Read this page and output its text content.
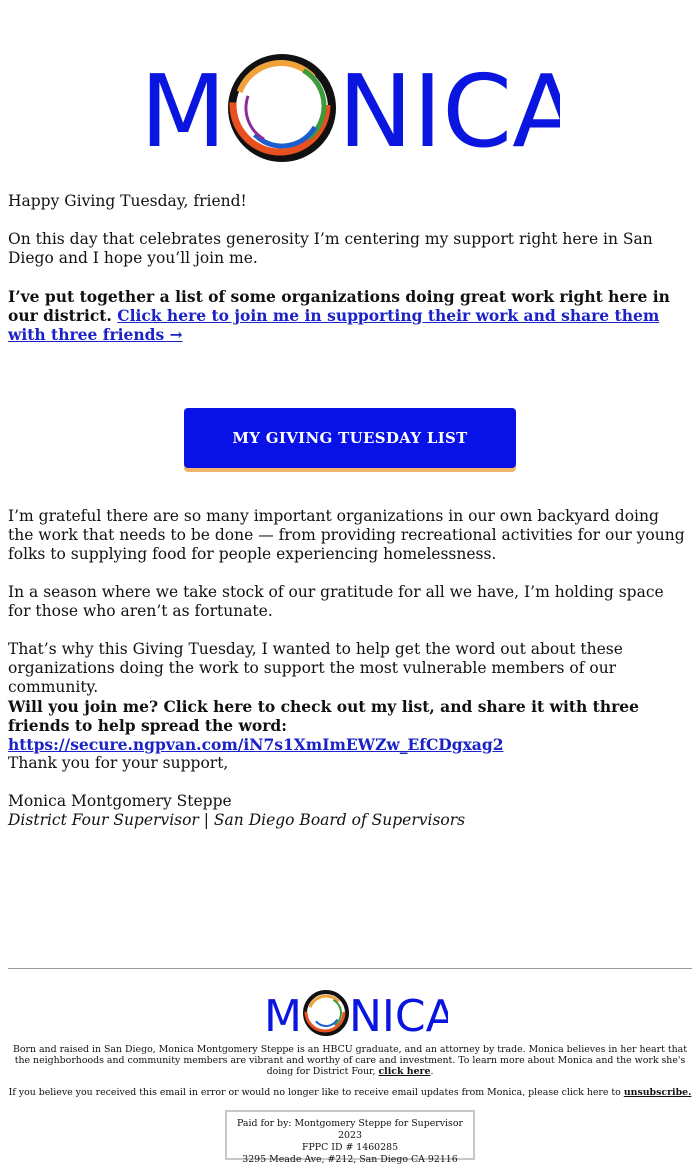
M NICA
Happy Giving Tuesday, friend!
On this day that celebrates generosity I’m centering my support right here in San Diego and I hope you’ll join me.
I’ve put together a list of some organizations doing great work right here in our district. Click here to join me in supporting their work and share them with three friends →
MY GIVING TUESDAY LIST
I’m grateful there are so many important organizations in our own backyard doing the work that needs to be done — from providing recreational activities for our young folks to supplying food for people experiencing homelessness.
In a season where we take stock of our gratitude for all we have, I’m holding space for those who aren’t as fortunate.
That’s why this Giving Tuesday, I wanted to help get the word out about these organizations doing the work to support the most vulnerable members of our community.
Will you join me? Click here to check out my list, and share it with three friends to help spread the word: https://secure.ngpvan.com/iN7s1XmImEWZw_EfCDgxag2
Thank you for your support,
Monica Montgomery Steppe
District Four Supervisor | San Diego Board of Supervisors
M NICA
Born and raised in San Diego, Monica Montgomery Steppe is an HBCU graduate, and an attorney by trade. Monica believes in her heart that the neighborhoods and community members are vibrant and worthy of care and investment. To learn more about Monica and the work she's doing for District Four, click here.
If you believe you received this email in error or would no longer like to receive email updates from Monica, please click here to unsubscribe.
Paid for by: Montgomery Steppe for Supervisor 2023
FPPC ID # 1460285
3295 Meade Ave, #212, San Diego CA 92116
